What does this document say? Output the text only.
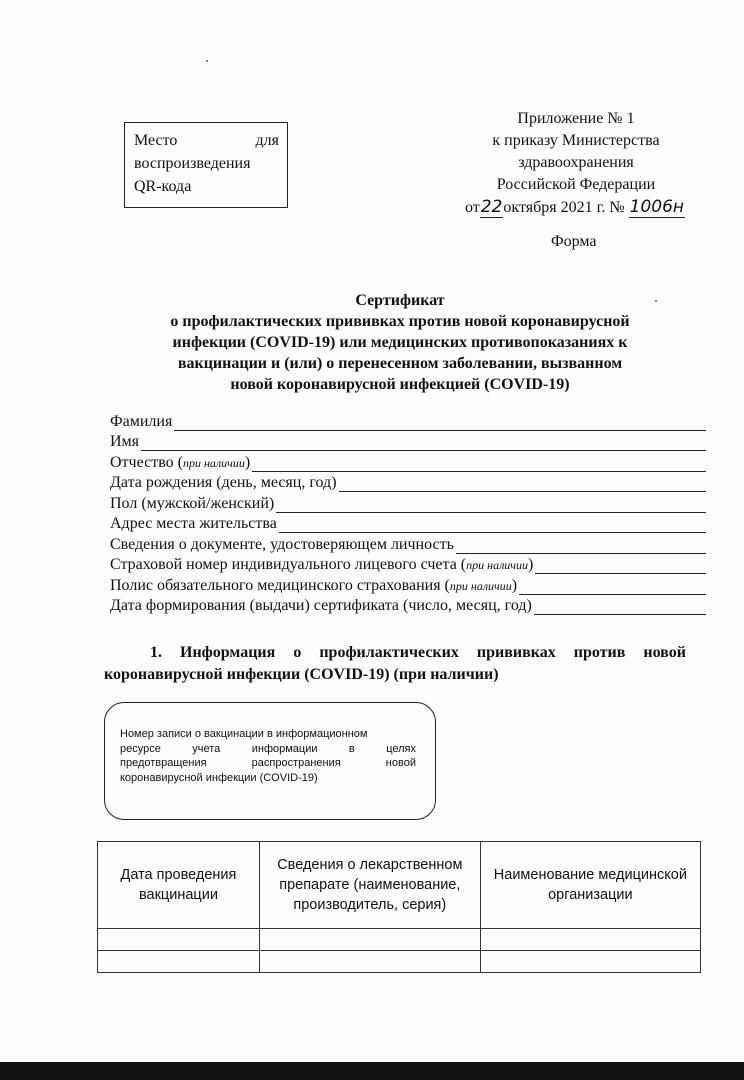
Место	для
воспроизведения
QR-кода
Приложение № 1
к приказу Министерства
здравоохранения
Российской Федерации
от22октября 2021 г. № 1006н
Форма
Сертификат
о профилактических прививках против новой коронавирусной
инфекции (COVID-19) или медицинских противопоказаниях к
вакцинации и (или) о перенесенном заболевании, вызванном
новой коронавирусной инфекцией (COVID-19)
Фамилия
Имя
Отчество (при наличии)
Дата рождения (день, месяц, год)
Пол (мужской/женский)
Адрес места жительства
Сведения о документе, удостоверяющем личность
Страховой номер индивидуального лицевого счета (при наличии)
Полис обязательного медицинского страхования (при наличии)
Дата формирования (выдачи) сертификата (число, месяц, год)
1. Информация о профилактических прививках против новой
коронавирусной инфекции (COVID-19) (при наличии)
Номер записи о вакцинации в информационном
ресурсе	учета	информации	в	целях
предотвращения	распространения	новой
коронавирусной инфекции (COVID-19)
Дата проведения вакцинации	Сведения о лекарственном препарате (наименование, производитель, серия)	Наименование медицинской организации
